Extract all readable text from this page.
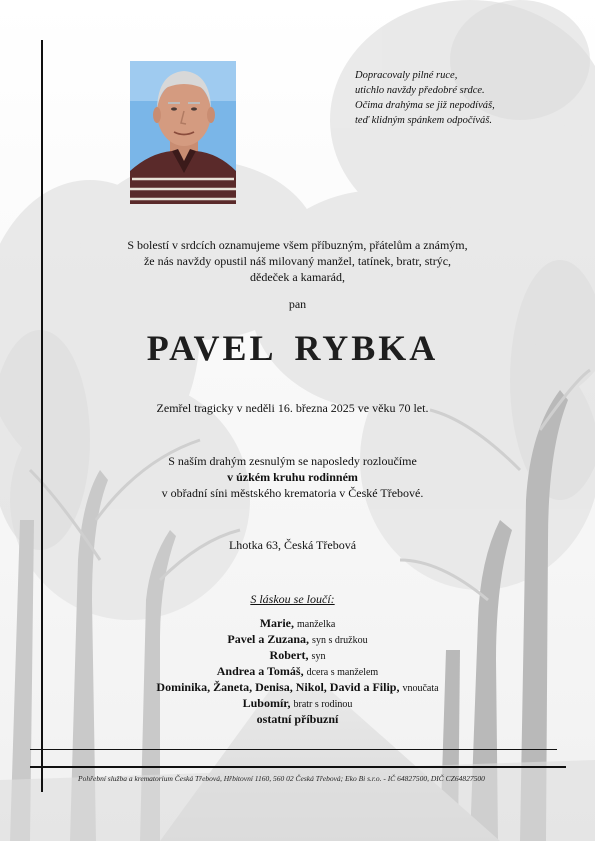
Dopracovaly pilné ruce,
utichlo navždy předobré srdce.
Očima drahýma se již nepodíváš,
teď klidným spánkem odpočíváš.
S bolestí v srdcích oznamujeme všem příbuzným, přátelům a známým,
že nás navždy opustil náš milovaný manžel, tatínek, bratr, strýc,
dědeček a kamarád,
pan
PAVEL RYBKA
Zemřel tragicky v neděli 16. března 2025 ve věku 70 let.
S naším drahým zesnulým se naposledy rozloučíme
v úzkém kruhu rodinném
v obřadní síni městského krematoria v České Třebové.
Lhotka 63, Česká Třebová
S láskou se loučí:
Marie, manželka
Pavel a Zuzana, syn s družkou
Robert, syn
Andrea a Tomáš, dcera s manželem
Dominika, Žaneta, Denisa, Nikol, David a Filip, vnoučata
Lubomír, bratr s rodinou
ostatní příbuzní
Pohřební služba a krematorium Česká Třebová, Hřbitovní 1160, 560 02 Česká Třebová; Eko Bi s.r.o. - IČ 64827500, DIČ CZ64827500
